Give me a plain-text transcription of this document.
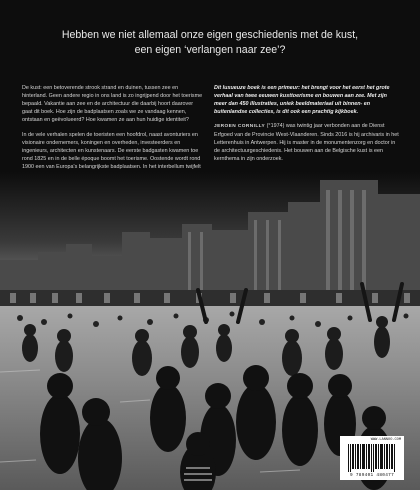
Hebben we niet allemaal onze eigen geschiedenis met de kust,
een eigen ‘verlangen naar zee’?

De kust: een betoverende strook strand en duinen, tussen zee en hinterland. Geen andere regio in ons land is zo ingrijpend door het toerisme bepaald. Vakantie aan zee en de architectuur die daarbij hoort daarover gaat dit boek. Hoe zijn de badplaatsen zoals we ze vandaag kennen, ontstaan en geëvolueerd? Hoe kwamen ze aan hun huidige identiteit?

In de vele verhalen spelen de toeristen een hoofdrol, naast avonturiers en visionaire ondernemers, koningen en overheden, investeerders en ingenieurs, architecten en kunstenaars. De eerste badgasten kwamen toe rond 1825 en in de belle époque boomt het toerisme. Oostende wordt rond 1900 een van Europa's belangrijkste badplaatsen. In het interbellum twijfelt

Dit luxueuze boek is een primeur: het brengt voor het eerst het grote verhaal van twee eeuwen kusttoerisme en bouwen aan zee. Met zijn meer dan 450 illustraties, uniek beeldmateriaal uit binnen- en buitenlandse collecties, is dit ook een prachtig kijkboek.

JEROEN CORNILLY (°1974) was twintig jaar verbonden aan de Dienst Erfgoed van de Provincie West-Vlaanderen. Sinds 2016 is hij archivaris in het Letterenhuis in Antwerpen. Hij is master in de monumentenzorg en doctor in de architectuurgeschiedenis. Het bouwen aan de Belgische kust is een kernthema in zijn onderzoek.

WWW.LANNOO.COM
9 789401 480477
